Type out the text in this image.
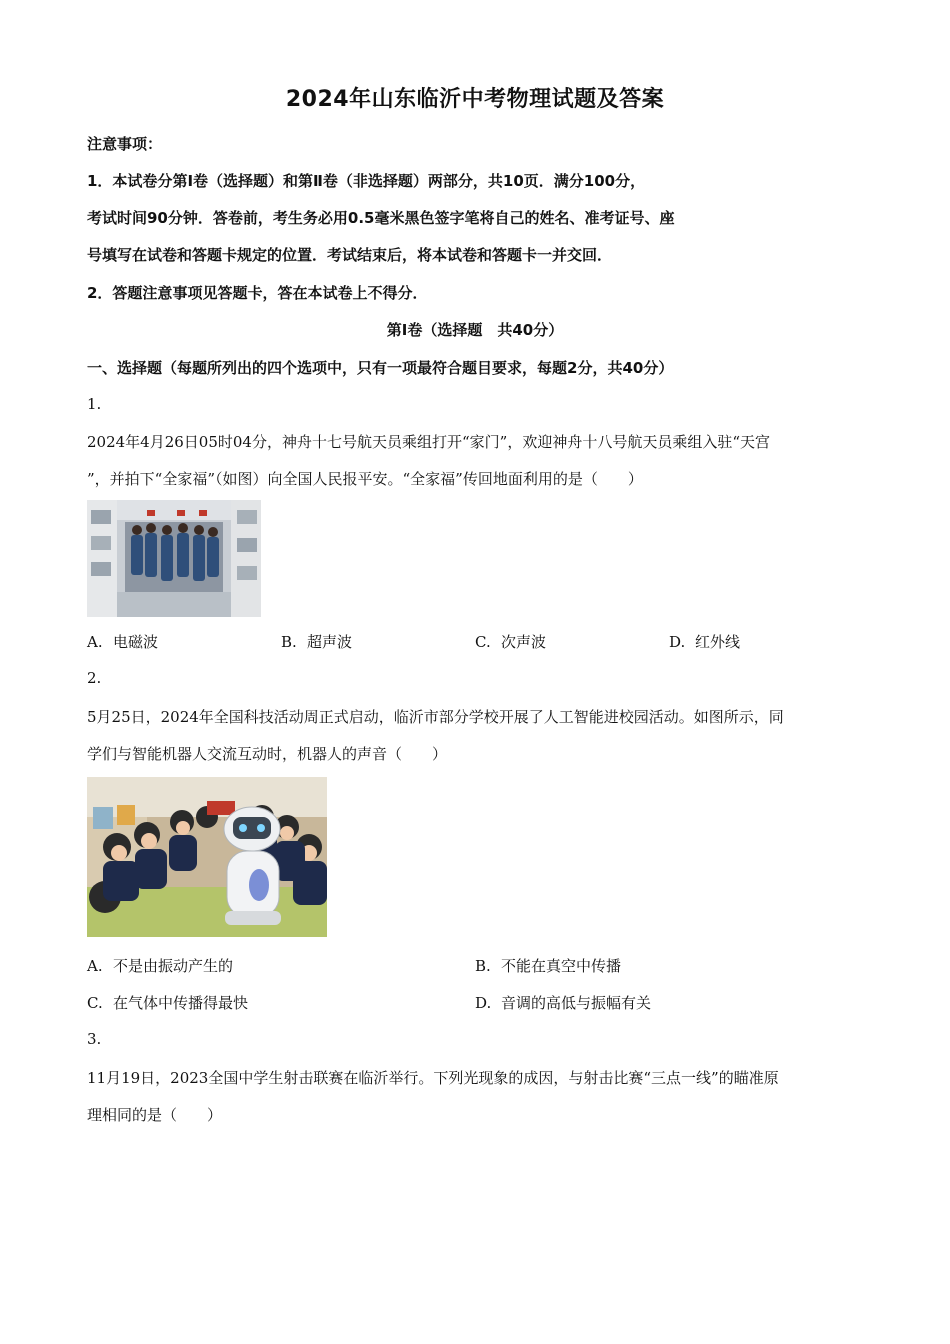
2024年山东临沂中考物理试题及答案
注意事项：
1．本试卷分第Ⅰ卷（选择题）和第Ⅱ卷（非选择题）两部分，共10页．满分100分，
考试时间90分钟．答卷前，考生务必用0.5毫米黑色签字笔将自己的姓名、准考证号、座
号填写在试卷和答题卡规定的位置．考试结束后，将本试卷和答题卡一并交回．
2．答题注意事项见答题卡，答在本试卷上不得分．
第Ⅰ卷（选择题　共40分）
一、选择题（每题所列出的四个选项中，只有一项最符合题目要求，每题2分，共40分）
1.
2024年4月26日05时04分，神舟十七号航天员乘组打开“家门”，欢迎神舟十八号航天员乘组入驻“天宫
”，并拍下“全家福”（如图）向全国人民报平安。“全家福”传回地面利用的是（　　）
A. 电磁波	B. 超声波	C. 次声波	D. 红外线
2.
5月25日，2024年全国科技活动周正式启动，临沂市部分学校开展了人工智能进校园活动。如图所示，同
学们与智能机器人交流互动时，机器人的声音（　　）
A. 不是由振动产生的	B. 不能在真空中传播
C. 在气体中传播得最快	D. 音调的高低与振幅有关
3.
11月19日，2023全国中学生射击联赛在临沂举行。下列光现象的成因，与射击比赛“三点一线”的瞄准原
理相同的是（　　）
